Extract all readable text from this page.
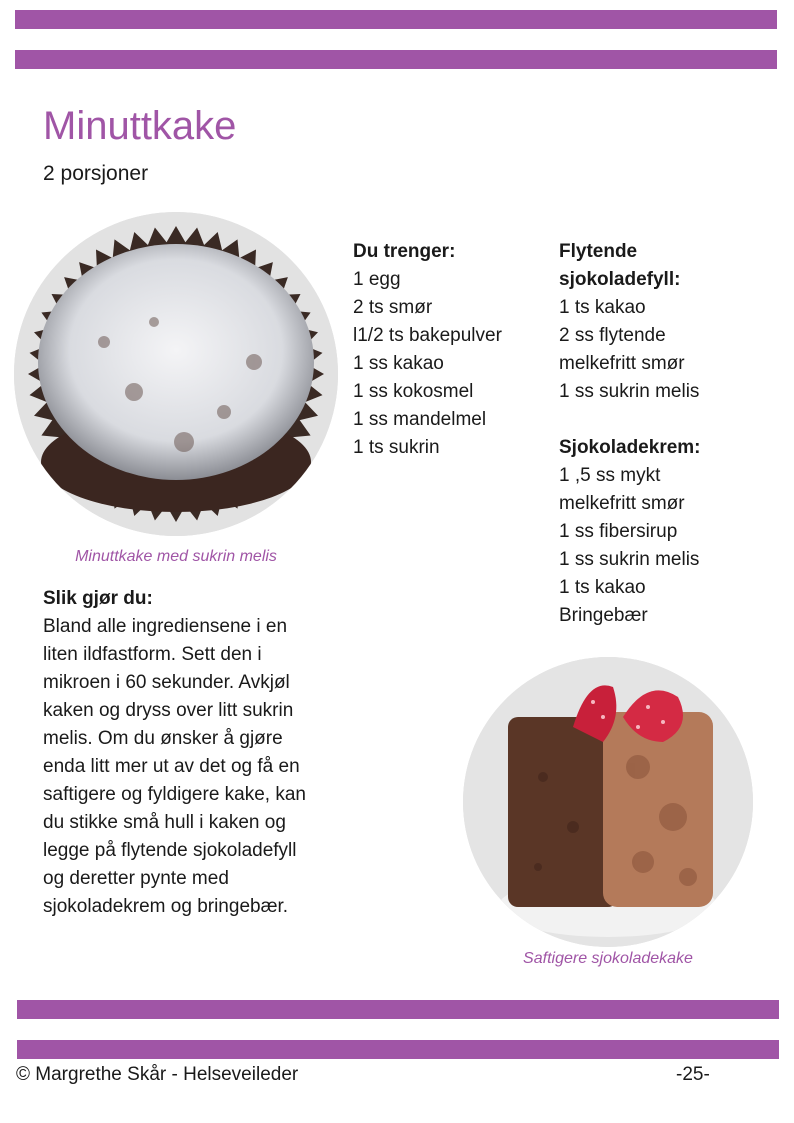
Minuttkake

2 porsjoner

Minuttkake med sukrin melis
Du trenger:
1 egg
2 ts smør
l1/2 ts bakepulver
1 ss kakao
1 ss kokosmel
1 ss mandelmel
1 ts sukrin
Flytende
sjokoladefyll:
1 ts kakao
2 ss flytende
melkefritt smør
1 ss sukrin melis
Sjokoladekrem:
1 ,5 ss mykt
melkefritt smør
1 ss fibersirup
1 ss sukrin melis
1 ts kakao
Bringebær
Slik gjør du:
Bland alle ingrediensene i en liten ildfastform. Sett den i mikroen i 60 sekunder. Avkjøl kaken og dryss over litt sukrin melis. Om du ønsker å gjøre enda litt mer ut av det og få en saftigere og fyldigere kake, kan du stikke små hull i kaken og legge på flytende sjokoladefyll og deretter pynte med sjokoladekrem og bringebær.
Saftigere sjokoladekake
© Margrethe Skår - Helseveileder	-25-
